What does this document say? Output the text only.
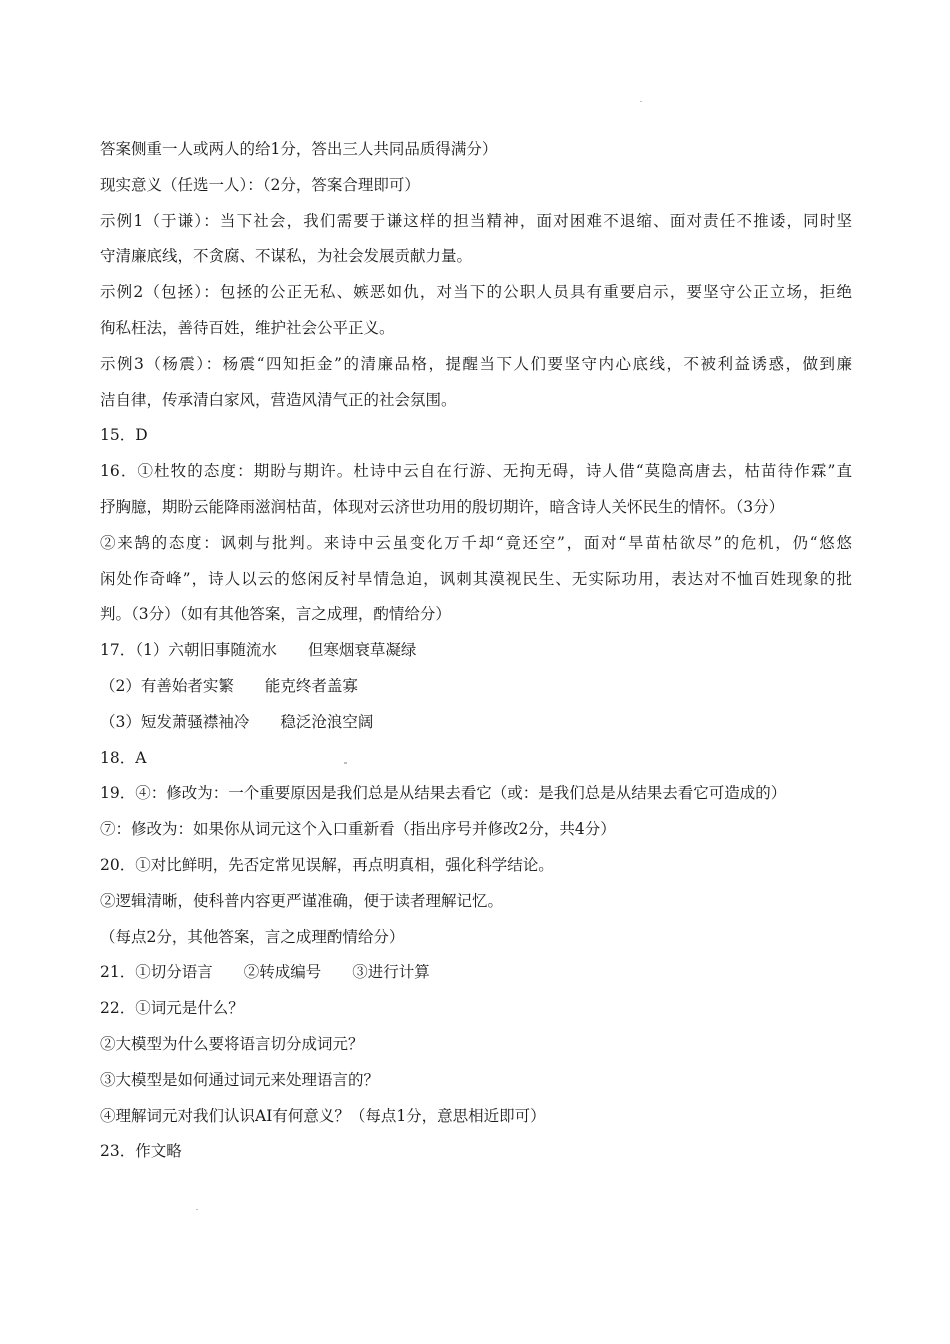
答案侧重一人或两人的给1分，答出三人共同品质得满分）
现实意义（任选一人）：（2分，答案合理即可）
示例1（于谦）：当下社会，我们需要于谦这样的担当精神，面对困难不退缩、面对责任不推诿，同时坚
守清廉底线，不贪腐、不谋私，为社会发展贡献力量。
示例2（包拯）：包拯的公正无私、嫉恶如仇，对当下的公职人员具有重要启示，要坚守公正立场，拒绝
徇私枉法，善待百姓，维护社会公平正义。
示例3（杨震）：杨震“四知拒金”的清廉品格，提醒当下人们要坚守内心底线，不被利益诱惑，做到廉
洁自律，传承清白家风，营造风清气正的社会氛围。
15．D
16．①杜牧的态度：期盼与期许。杜诗中云自在行游、无拘无碍，诗人借“莫隐高唐去，枯苗待作霖”直
抒胸臆，期盼云能降雨滋润枯苗，体现对云济世功用的殷切期许，暗含诗人关怀民生的情怀。（3分）
②来鹄的态度：讽刺与批判。来诗中云虽变化万千却“竟还空”，面对“旱苗枯欲尽”的危机，仍“悠悠
闲处作奇峰”，诗人以云的悠闲反衬旱情急迫，讽刺其漠视民生、无实际功用，表达对不恤百姓现象的批
判。（3分）（如有其他答案，言之成理，酌情给分）
17．（1）六朝旧事随流水　　但寒烟衰草凝绿
（2）有善始者实繁　　能克终者盖寡
（3）短发萧骚襟袖冷　　稳泛沧浪空阔
18．A
19．④：修改为：一个重要原因是我们总是从结果去看它（或：是我们总是从结果去看它可造成的）
⑦：修改为：如果你从词元这个入口重新看（指出序号并修改2分，共4分）
20．①对比鲜明，先否定常见误解，再点明真相，强化科学结论。
②逻辑清晰，使科普内容更严谨准确，便于读者理解记忆。
（每点2分，其他答案，言之成理酌情给分）
21．①切分语言　　②转成编号　　③进行计算
22．①词元是什么？
②大模型为什么要将语言切分成词元？
③大模型是如何通过词元来处理语言的？
④理解词元对我们认识AI有何意义？（每点1分，意思相近即可）
23．作文略
